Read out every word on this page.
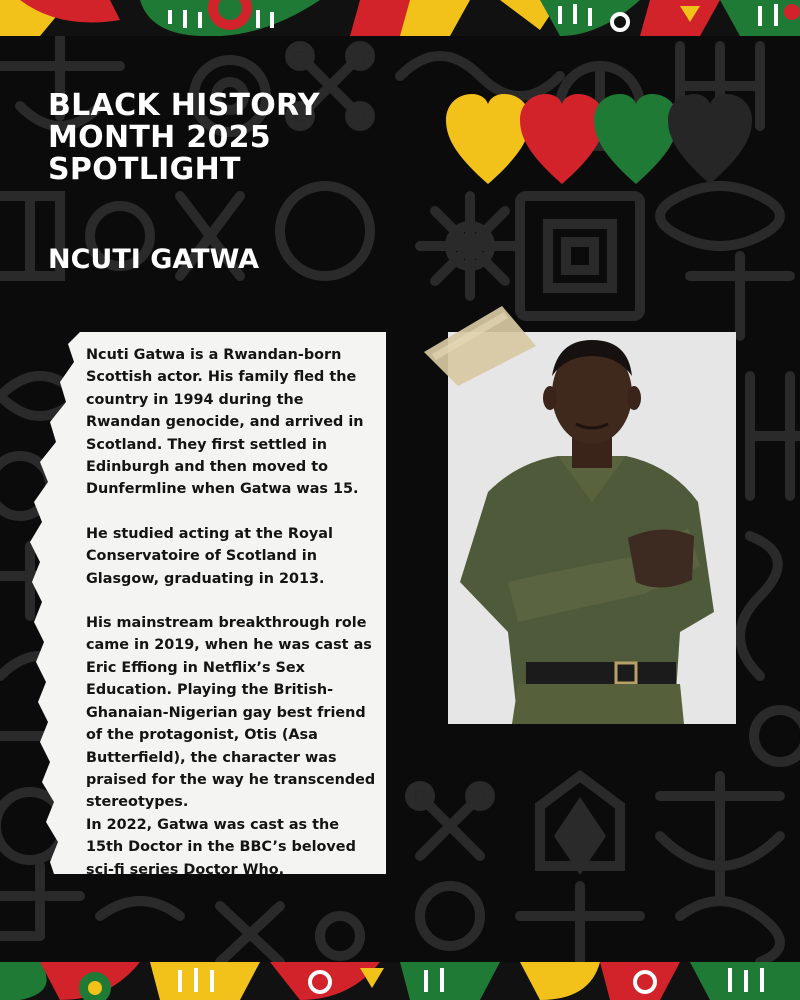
BLACK HISTORY
MONTH 2025
SPOTLIGHT
NCUTI GATWA

Ncuti Gatwa is a Rwandan-born Scottish actor. His family fled the country in 1994 during the Rwandan genocide, and arrived in Scotland. They first settled in Edinburgh and then moved to Dunfermline when Gatwa was 15.

He studied acting at the Royal Conservatoire of Scotland in Glasgow, graduating in 2013.

His mainstream breakthrough role came in 2019, when he was cast as Eric Effiong in Netflix’s Sex Education. Playing the British-Ghanaian-Nigerian gay best friend of the protagonist, Otis (Asa Butterfield), the character was praised for the way he transcended stereotypes.

In 2022, Gatwa was cast as the 15th Doctor in the BBC’s beloved sci-fi series Doctor Who.
